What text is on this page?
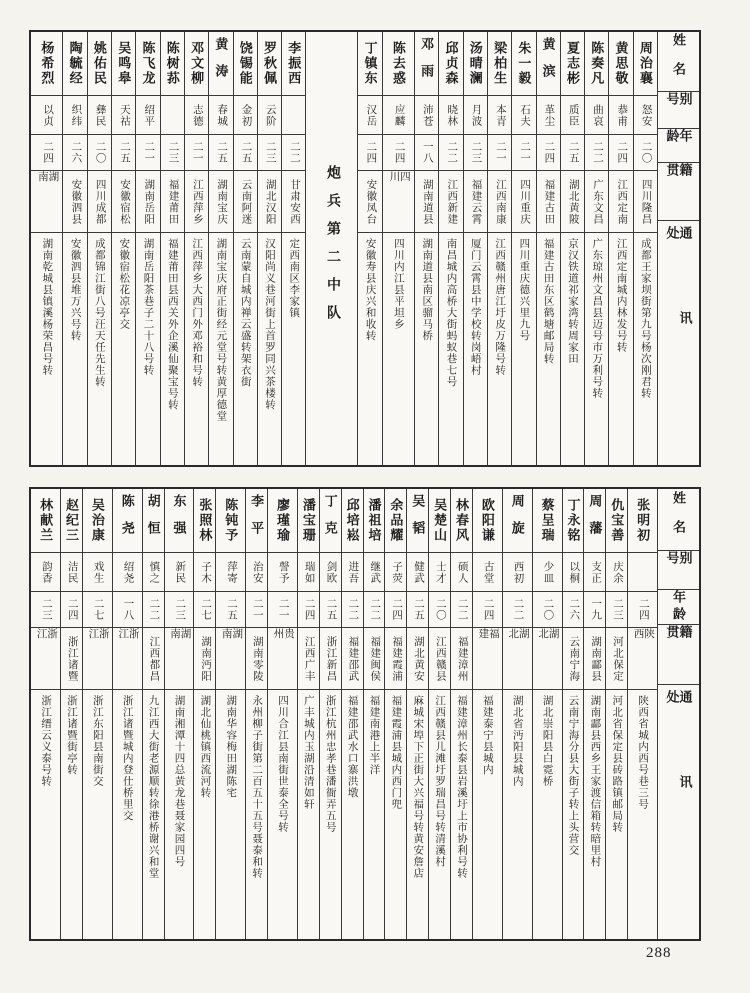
姓名
别号
年龄
籍贯
通讯处
周治襄
怒安
二〇
四川隆昌
成都王家坝街第九号杨次刚君转
黄思敬
恭甫
二四
江西定南
江西定南城内林发号转
陈奏凡
曲哀
二二
广东文昌
广东琼州文昌县迈号市万利号转
夏志彬
质臣
二五
湖北黄陂
京汉铁道祁家湾转周家田
黄滨
革尘
二四
福建古田
福建古田东区鹤塘邮局转
朱一毅
石夫
二一
四川重庆
四川重庆德兴里九号
梁柏生
本青
二一
江西南康
江西赣州唐江圩皮万隆号转
汤晴澜
月波
二三
福建云霄
厦门云霄县中学校转岗峿村
邱贞森
晓林
二二
江西新建
南昌城内高桥大街蚂蚁巷七号
邓雨
沛苍
一八
湖南道县
湖南道县南区骝马桥
陈去惑
应麟
二四
四川
四川内江县平坦乡
丁镇东
汉岳
二四
安徽凤台
安徽寿县庆兴和收转
炮兵第二中队
李振西
二二
甘肃安西
定西南区李家镇
罗秋佩
云阶
二三
湖北汉阳
汉阳尚义巷河街上首罗同兴茶楼转
饶锡能
金初
二五
云南阿迷
云南蒙自城内禅云盛转架衣街
黄涛
春城
二五
湖南宝庆
湖南宝庆府正街经元堂号转黄厚德堂
邓文柳
志德
二一
江西萍乡
江西萍乡大西门外邓裕和号转
陈树荪
二三
福建莆田
福建莆田县西关外企溪仙聚宝号转
陈飞龙
绍平
二一
湖南岳阳
湖南岳阳茶巷子二十八号转
吴鸣皋
天祜
二五
安徽宿松
安徽宿松花凉亭交
姚佑民
彝民
二〇
四川成都
成都锦江街八号汪天任先生转
陶毓经
织纬
二六
安徽泗县
安徽泗县堆万兴号转
杨希烈
以贞
二四
湖南
湖南乾城县镇溪杨荣昌号转
姓名
别号
年龄
籍贯
通讯处
张明初
二四
陕西
陕西省城内西号巷三号
仇宝善
庆余
二三
河北保定
河北省保定县砖路镇邮局转
周藩
支正
一九
湖南酃县
湖南酃县西乡王家渡信箱转暗里村
丁永铭
以桐
二六
云南宁海
云南宁海分县大街子转上头营交
蔡呈瑞
少皿
二〇
湖北
湖北崇阳县白霓桥
周旋
西初
二二
湖北
湖北省沔阳县城内
欧阳谦
古堂
二四
福建
福建泰宁县城内
林春风
硕人
二二
福建漳州
福建漳州长泰县岩溪圩上市协利号转
吴楚山
士才
二〇
江西赣县
江西赣县儿滩圩罗瑞昌号转清溪村
吴韬
健武
二五
湖北黄安
麻城宋埠下正街大兴福号转黄安詹店
余品耀
子荧
二四
福建霞浦
福建霞浦县城内西门兜
潘祖培
继武
二二
福建闽侯
福建南港上半洋
邱培崧
进吾
二二
福建邵武
福建邵武水口寨洪墩
丁克
剑欧
二五
浙江新昌
浙江杭州忠孝巷潘衙弄五号
潘宝珊
瑞如
二四
江西广丰
广丰城内玉湖沿清如轩
廖瑾瑜
謦予
二一
贵州
四川合江县南街世泰全号转
李平
治安
二一
湖南零陵
永州柳子街第二百五十五号聂泰和转
陈钝予
萍寄
二五
湖南
湖南华容梅田湖陈宅
张照林
子木
二七
湖南沔阳
湖北仙桃镇西流河转
东强
新民
二三
湖南
湖南湘潭十四总黄龙巷聂家园四号
胡恒
慎之
二二
江西都昌
九江西大街老源顺转徐港桥谢兴和堂
陈尧
绍尧
一八
浙江
浙江诸暨城内登仕桥里交
吴治康
戏生
二七
浙江
浙江东阳县南街交
赵纪三
洁民
二四
浙江诸暨
浙江诸暨街亭转
林献兰
韵香
二三
浙江
浙江缙云义泰号转
288
